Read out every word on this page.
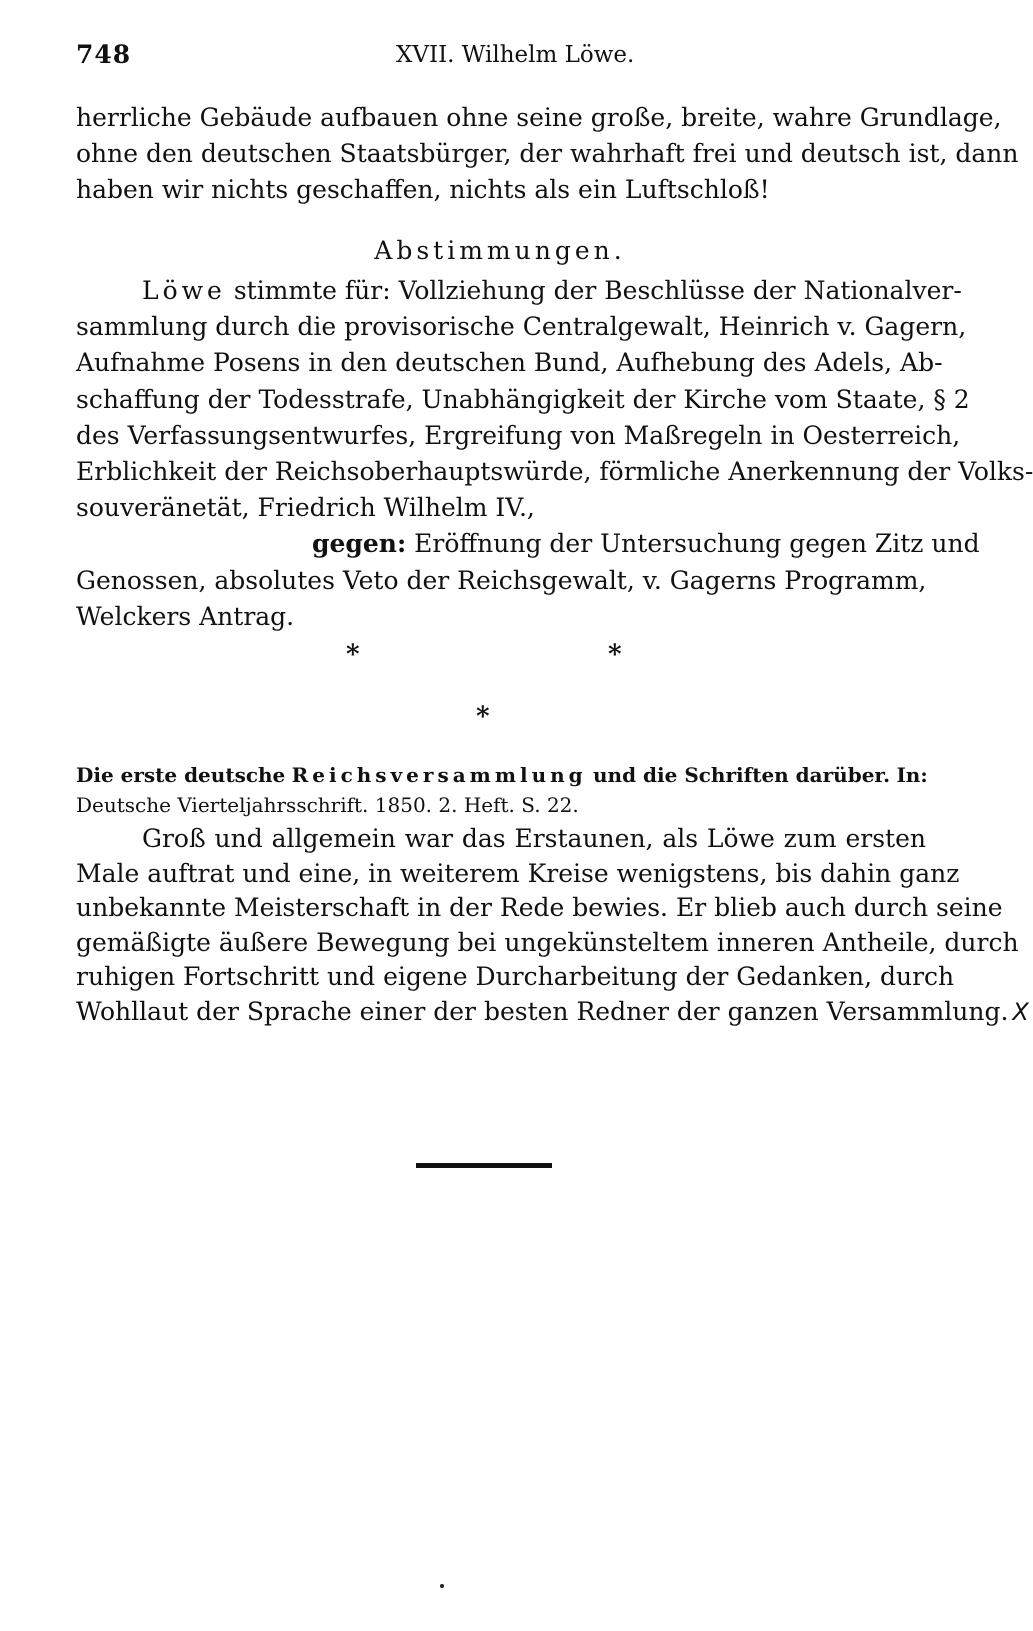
748	XVII. Wilhelm Löwe.
herrliche Gebäude aufbauen ohne seine große, breite, wahre Grundlage,
ohne den deutschen Staatsbürger, der wahrhaft frei und deutsch ist, dann
haben wir nichts geschaffen, nichts als ein Luftschloß!
Abstimmungen.
Löwe stimmte für: Vollziehung der Beschlüsse der Nationalver-
sammlung durch die provisorische Centralgewalt, Heinrich v. Gagern,
Aufnahme Posens in den deutschen Bund, Aufhebung des Adels, Ab-
schaffung der Todesstrafe, Unabhängigkeit der Kirche vom Staate, § 2
des Verfassungsentwurfes, Ergreifung von Maßregeln in Oesterreich,
Erblichkeit der Reichsoberhauptswürde, förmliche Anerkennung der Volks-
souveränetät, Friedrich Wilhelm IV.,
gegen: Eröffnung der Untersuchung gegen Zitz und
Genossen, absolutes Veto der Reichsgewalt, v. Gagerns Programm,
Welckers Antrag.
*	*
*
Die erste deutsche Reichsversammlung und die Schriften darüber. In:
Deutsche Vierteljahrsschrift. 1850. 2. Heft. S. 22.
Groß und allgemein war das Erstaunen, als Löwe zum ersten
Male auftrat und eine, in weiterem Kreise wenigstens, bis dahin ganz
unbekannte Meisterschaft in der Rede bewies. Er blieb auch durch seine
gemäßigte äußere Bewegung bei ungekünsteltem inneren Antheile, durch
ruhigen Fortschritt und eigene Durcharbeitung der Gedanken, durch
Wohllaut der Sprache einer der besten Redner der ganzen Versammlung. X
